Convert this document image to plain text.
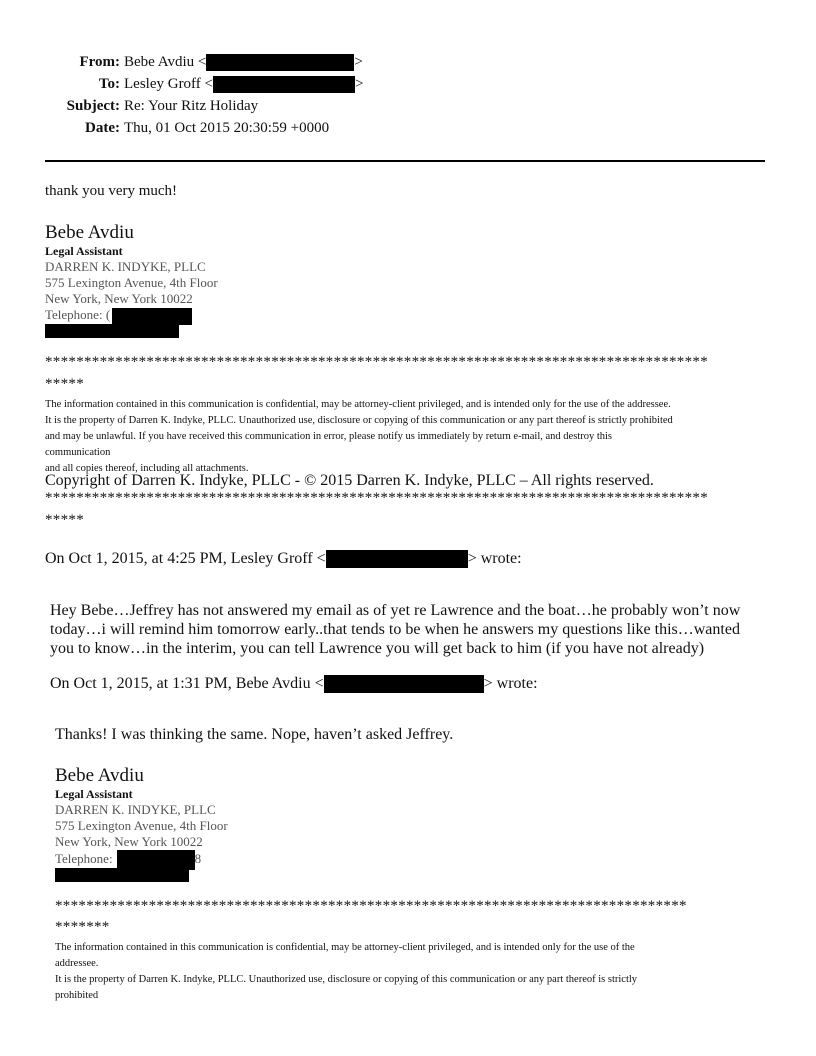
From: Bebe Avdiu <	>
To: Lesley Groff <	>
Subject: Re: Your Ritz Holiday
Date: Thu, 01 Oct 2015 20:30:59 +0000
thank you very much!
Bebe Avdiu
Legal Assistant
DARREN K. INDYKE, PLLC
575 Lexington Avenue, 4th Floor
New York, New York 10022
Telephone: (
*************************************************************************************
*****
The information contained in this communication is confidential, may be attorney-client privileged, and is intended only for the use of the addressee.
It is the property of Darren K. Indyke, PLLC. Unauthorized use, disclosure or copying of this communication or any part thereof is strictly prohibited
and may be unlawful. If you have received this communication in error, please notify us immediately by return e-mail, and destroy this
communication
and all copies thereof, including all attachments.
Copyright of Darren K. Indyke, PLLC - © 2015 Darren K. Indyke, PLLC – All rights reserved.
*************************************************************************************
*****
On Oct 1, 2015, at 4:25 PM, Lesley Groff <	> wrote:
Hey Bebe…Jeffrey has not answered my email as of yet re Lawrence and the boat…he probably won’t now
today…i will remind him tomorrow early..that tends to be when he answers my questions like this…wanted
you to know…in the interim, you can tell Lawrence you will get back to him (if you have not already)
On Oct 1, 2015, at 1:31 PM, Bebe Avdiu <	> wrote:
Thanks! I was thinking the same. Nope, haven’t asked Jeffrey.
Bebe Avdiu
Legal Assistant
DARREN K. INDYKE, PLLC
575 Lexington Avenue, 4th Floor
New York, New York 10022
Telephone:	8
*********************************************************************************
*******
The information contained in this communication is confidential, may be attorney-client privileged, and is intended only for the use of the
addressee.
It is the property of Darren K. Indyke, PLLC. Unauthorized use, disclosure or copying of this communication or any part thereof is strictly
prohibited
